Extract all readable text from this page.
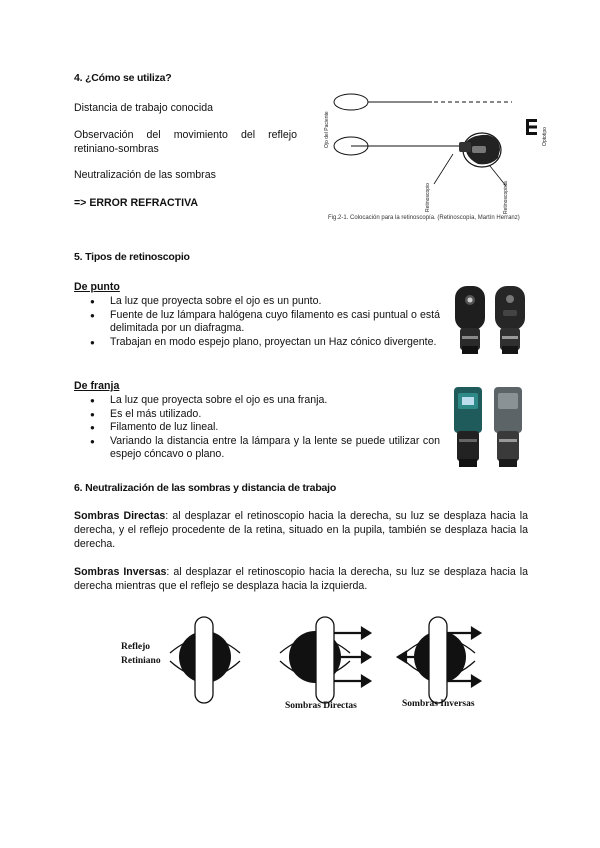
4. ¿Cómo se utiliza?
Distancia de trabajo conocida
Observación del movimiento del reflejo retiniano-sombras
Neutralización de las sombras
=> ERROR REFRACTIVA
Ojo del Paciente	Optotipo
Retinoscopio	Retinoscopista
Fig.2-1. Colocación para la retinoscopía. (Retinoscopía, Martín Herranz)
5. Tipos de retinoscopio
De punto
● La luz que proyecta sobre el ojo es un punto.
● Fuente de luz lámpara halógena cuyo filamento es casi puntual o está delimitada por un diafragma.
● Trabajan en modo espejo plano, proyectan un Haz cónico divergente.
De franja
● La luz que proyecta sobre el ojo es una franja.
● Es el más utilizado.
● Filamento de luz lineal.
● Variando la distancia entre la lámpara y la lente se puede utilizar con espejo cóncavo o plano.
6. Neutralización de las sombras y distancia de trabajo
Sombras Directas: al desplazar el retinoscopio hacia la derecha, su luz se desplaza hacia la derecha, y el reflejo procedente de la retina, situado en la pupila, también se desplaza hacia la derecha.
Sombras Inversas: al desplazar el retinoscopio hacia la derecha, su luz se desplaza hacia la derecha mientras que el reflejo se desplaza hacia la izquierda.
Reflejo
Retiniano
Sombras Directas	Sombras Inversas
